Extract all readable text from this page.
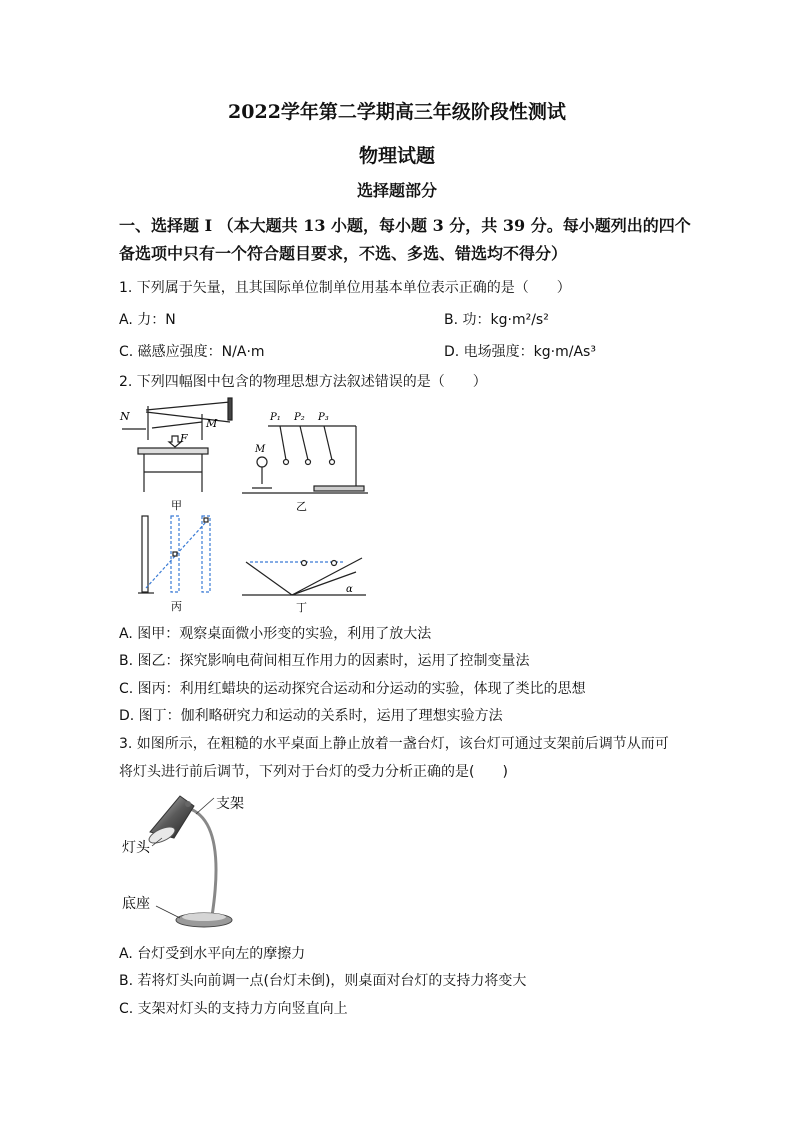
2022学年第二学期高三年级阶段性测试
物理试题
选择题部分
一、选择题 I （本大题共 13 小题，每小题 3 分，共 39 分。每小题列出的四个
备选项中只有一个符合题目要求，不选、多选、错选均不得分）
1. 下列属于矢量，且其国际单位制单位用基本单位表示正确的是（　　）
A. 力：N	B. 功：kg·m²/s²
C. 磁感应强度：N/A·m	D. 电场强度：kg·m/As³
2. 下列四幅图中包含的物理思想方法叙述错误的是（　　）
N
M
F
甲
P₁ P₂ P₃
M
乙
丙
α
丁
A. 图甲：观察桌面微小形变的实验，利用了放大法
B. 图乙：探究影响电荷间相互作用力的因素时，运用了控制变量法
C. 图丙：利用红蜡块的运动探究合运动和分运动的实验，体现了类比的思想
D. 图丁：伽利略研究力和运动的关系时，运用了理想实验方法
3. 如图所示，在粗糙的水平桌面上静止放着一盏台灯，该台灯可通过支架前后调节从而可
将灯头进行前后调节，下列对于台灯的受力分析正确的是(　　)
支架
灯头
底座
A. 台灯受到水平向左的摩擦力
B. 若将灯头向前调一点(台灯未倒)，则桌面对台灯的支持力将变大
C. 支架对灯头的支持力方向竖直向上
